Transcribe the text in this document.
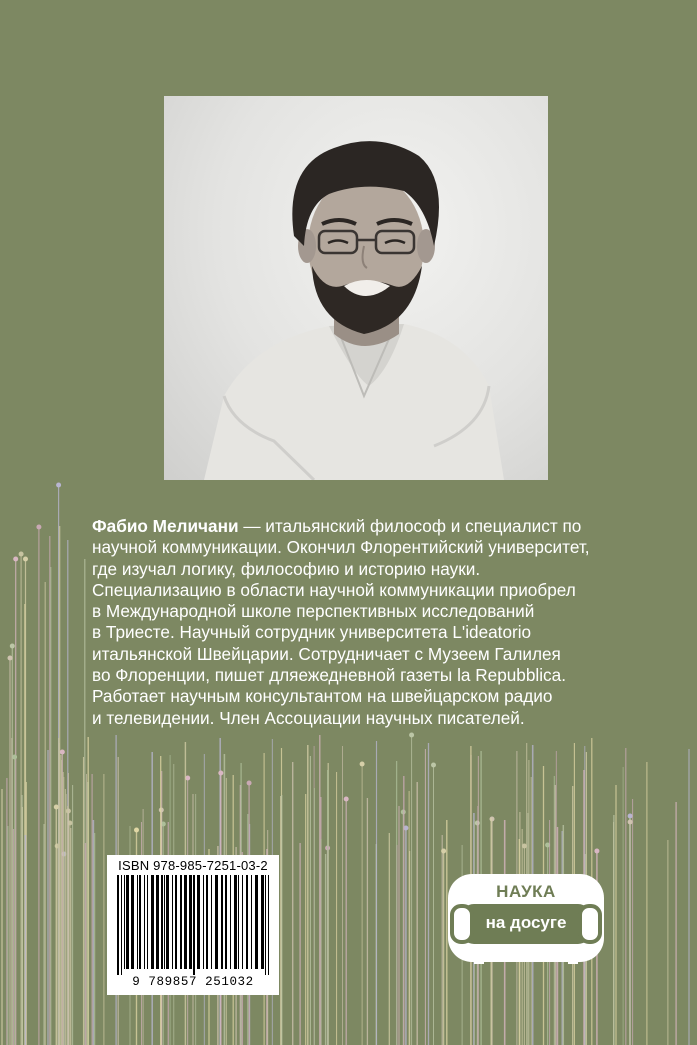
Фабио Меличани — итальянский философ и специалист по
научной коммуникации. Окончил Флорентийский университет,
где изучал логику, философию и историю науки.
Специализацию в области научной коммуникации приобрел
в Международной школе перспективных исследований
в Триесте. Научный сотрудник университета L'ideatorio
итальянской Швейцарии. Сотрудничает с Музеем Галилея
во Флоренции, пишет дляежедневной газеты la Repubblica.
Работает научным консультантом на швейцарском радио
и телевидении. Член Ассоциации научных писателей.
ISBN 978-985-7251-03-2
9 789857 251032
НАУКА
на досуге
